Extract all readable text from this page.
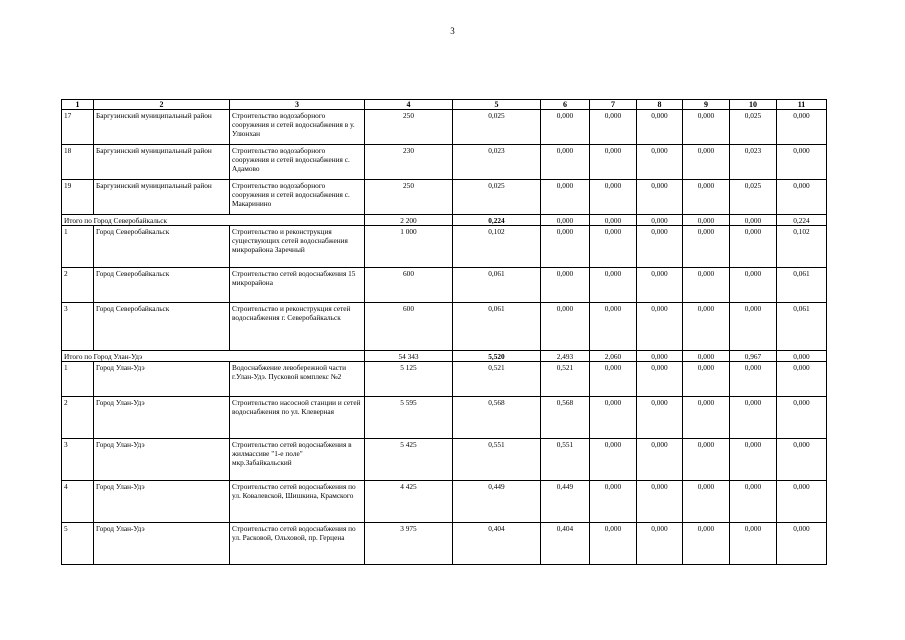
3
1	2	3	4	5	6	7	8	9	10	11
17	Баргузинский муниципальный район	Строительство водозаборного сооружения и сетей водоснабжения в у. Улюнхан	250	0,025	0,000	0,000	0,000	0,000	0,025	0,000
18	Баргузинский муниципальный район	Строительство водозаборного сооружения и сетей водоснабжения с. Адамово	230	0,023	0,000	0,000	0,000	0,000	0,023	0,000
19	Баргузинский муниципальный район	Строительство водозаборного сооружения и сетей водоснабжения с. Макаринино	250	0,025	0,000	0,000	0,000	0,000	0,025	0,000
Итого по Город Северобайкальск			2 200	0,224	0,000	0,000	0,000	0,000	0,000	0,224
1	Город Северобайкальск	Строительство и реконструкция существующих сетей водоснабжения микрорайона Заречный	1 000	0,102	0,000	0,000	0,000	0,000	0,000	0,102
2	Город Северобайкальск	Строительство сетей водоснабжения 15 микрорайона	600	0,061	0,000	0,000	0,000	0,000	0,000	0,061
3	Город Северобайкальск	Строительство и реконструкция сетей водоснабжения г. Северобайкальск	600	0,061	0,000	0,000	0,000	0,000	0,000	0,061
Итого по Город Улан-Удэ			54 343	5,520	2,493	2,060	0,000	0,000	0,967	0,000
1	Город Улан-Удэ	Водоснабжение левобережной части г.Улан-Удэ. Пусковой комплекс №2	5 125	0,521	0,521	0,000	0,000	0,000	0,000	0,000
2	Город Улан-Удэ	Строительство насосной станции и сетей водоснабжения по ул. Клеверная	5 595	0,568	0,568	0,000	0,000	0,000	0,000	0,000
3	Город Улан-Удэ	Строительство сетей водоснабжения в жилмассиве "1-е поле" мкр.Забайкальский	5 425	0,551	0,551	0,000	0,000	0,000	0,000	0,000
4	Город Улан-Удэ	Строительство сетей водоснабжения по ул. Ковалевской, Шишкина, Крамского	4 425	0,449	0,449	0,000	0,000	0,000	0,000	0,000
5	Город Улан-Удэ	Строительство сетей водоснабжения по ул. Расковой, Ольховой, пр. Герцена	3 975	0,404	0,404	0,000	0,000	0,000	0,000	0,000
